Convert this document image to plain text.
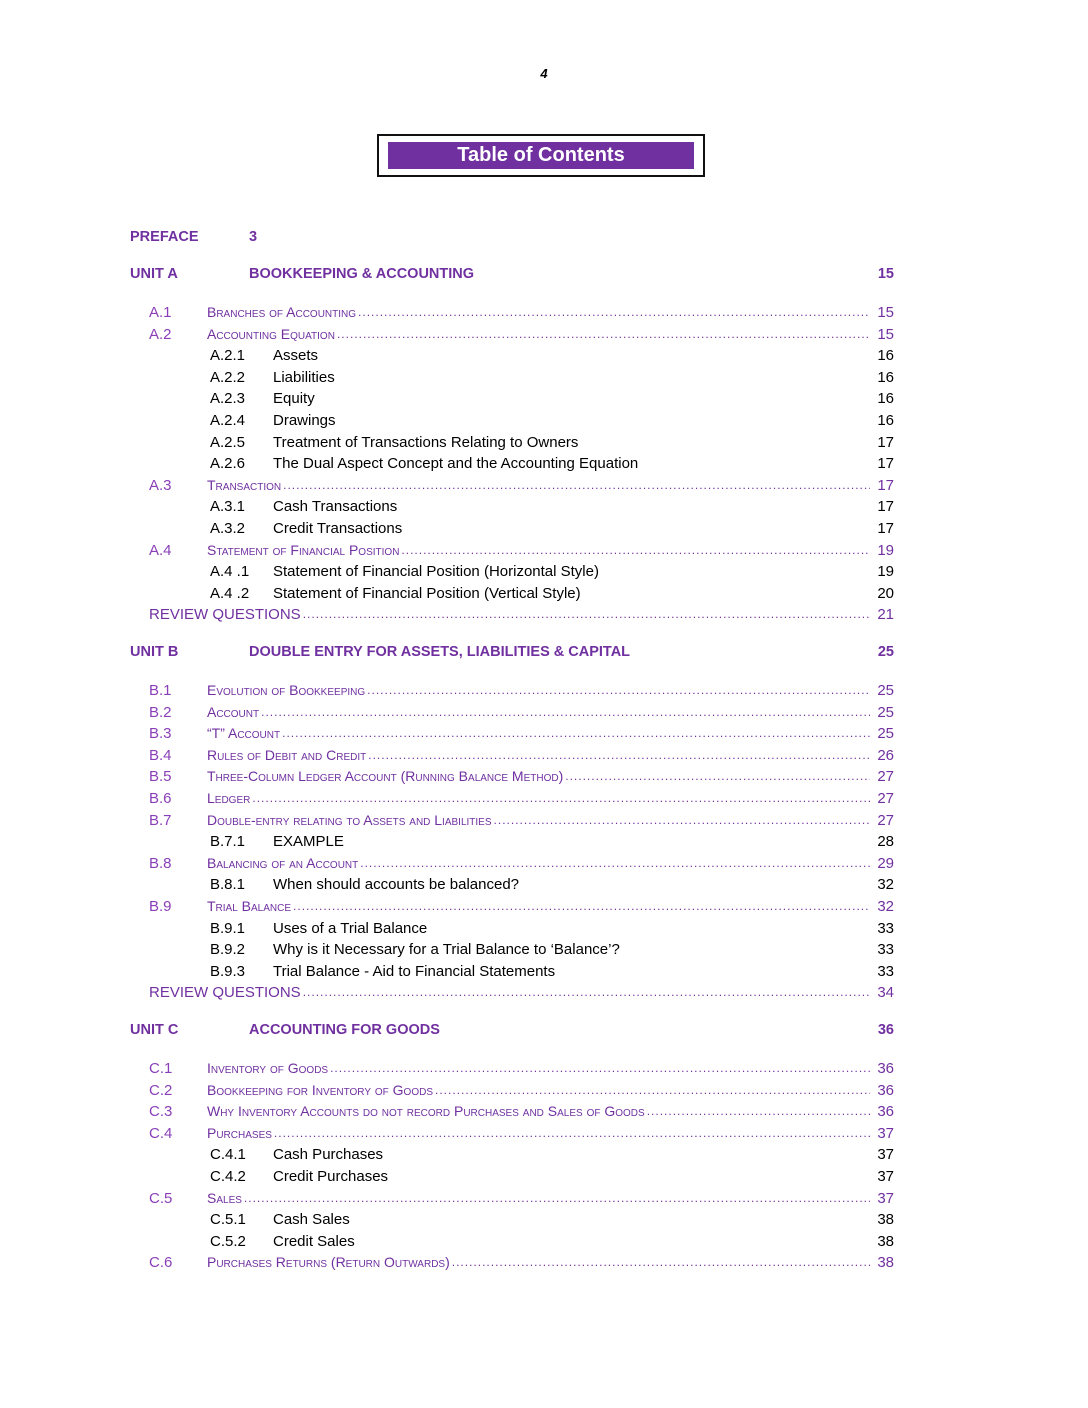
4
Table of Contents
PREFACE	3
UNIT A	BOOKKEEPING & ACCOUNTING	15
A.1	Branches of Accounting .....	15
A.2	Accounting Equation .....	15
A.2.1 Assets	16
A.2.2 Liabilities	16
A.2.3 Equity	16
A.2.4 Drawings	16
A.2.5 Treatment of Transactions Relating to Owners	17
A.2.6 The Dual Aspect Concept and the Accounting Equation	17
A.3	Transaction .....	17
A.3.1 Cash Transactions	17
A.3.2 Credit Transactions	17
A.4	Statement of Financial Position .....	19
A.4 .1 Statement of Financial Position (Horizontal Style)	19
A.4 .2 Statement of Financial Position (Vertical Style)	20
REVIEW QUESTIONS .....	21
UNIT B	DOUBLE ENTRY FOR ASSETS, LIABILITIES & CAPITAL	25
B.1	Evolution of Bookkeeping .....	25
B.2	Account .....	25
B.3	“T” Account .....	25
B.4	Rules of Debit and Credit .....	26
B.5	Three-Column Ledger Account (Running Balance Method) .....	27
B.6	Ledger .....	27
B.7	Double-entry relating to Assets and Liabilities .....	27
B.7.1 EXAMPLE	28
B.8	Balancing of an Account .....	29
B.8.1 When should accounts be balanced?	32
B.9	Trial Balance .....	32
B.9.1 Uses of a Trial Balance	33
B.9.2 Why is it Necessary for a Trial Balance to ‘Balance’?	33
B.9.3 Trial Balance - Aid to Financial Statements	33
REVIEW QUESTIONS .....	34
UNIT C	ACCOUNTING FOR GOODS	36
C.1 Inventory of Goods .....	36
C.2 Bookkeeping for Inventory of Goods .....	36
C.3 Why Inventory Accounts do not record Purchases and Sales of Goods .....	36
C.4 Purchases .....	37
C.4.1 Cash Purchases	37
C.4.2 Credit Purchases	37
C.5 Sales .....	37
C.5.1 Cash Sales	38
C.5.2 Credit Sales	38
C.6 Purchases Returns (Return Outwards) .....	38
